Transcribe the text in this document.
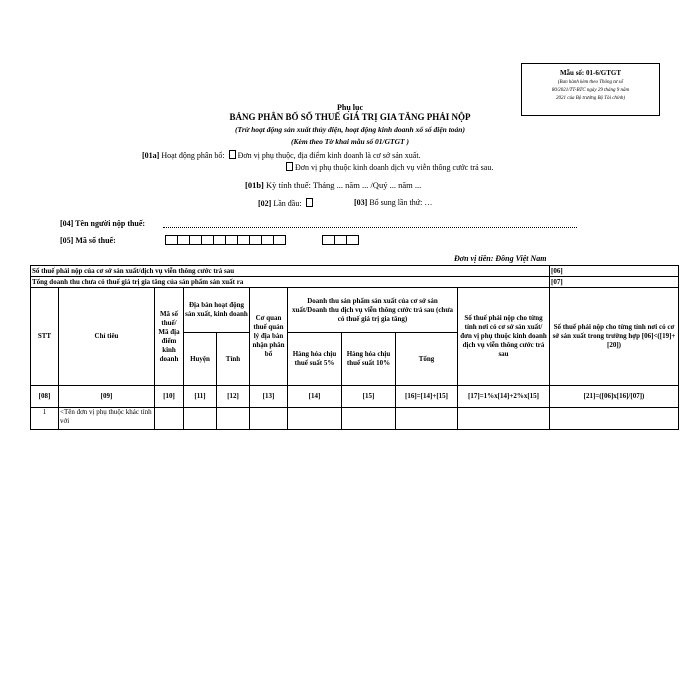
Mẫu số: 01-6/GTGT
(Ban hành kèm theo Thông tư số
80/2021/TT-BTC ngày 29 tháng 9 năm
2021 của Bộ trưởng Bộ Tài chính)
Phụ lục
BẢNG PHÂN BỔ SỐ THUẾ GIÁ TRỊ GIA TĂNG PHẢI NỘP
(Trừ hoạt động sản xuất thủy điện, hoạt động kinh doanh xổ số điện toán)
(Kèm theo Tờ khai mẫu số 01/GTGT )
[01a] Hoạt động phân bổ: Đơn vị phụ thuộc, địa điểm kinh doanh là cơ sở sản xuất.
Đơn vị phụ thuộc kinh doanh dịch vụ viễn thông cước trả sau.
[01b] Kỳ tính thuế: Tháng ... năm ... /Quý ... năm ...
[02] Lần đầu:	[03] Bổ sung lần thứ: …
[04] Tên người nộp thuế:
[05] Mã số thuế:
Đơn vị tiền: Đồng Việt Nam
Số thuế phải nộp của cơ sở sản xuất/dịch vụ viễn thông cước trả sau										[06]
Tổng doanh thu chưa có thuế giá trị gia tăng của sản phẩm sản xuất ra										[07]
STT	Chỉ tiêu	Mã số thuế/ Mã địa điểm kinh doanh	Địa bàn hoạt động sản xuất, kinh doanh		Cơ quan thuế quản lý địa bàn nhận phân bổ	Doanh thu sản phẩm sản xuất của cơ sở sản xuất/Doanh thu dịch vụ viễn thông cước trả sau (chưa có thuế giá trị gia tăng)			Số thuế phải nộp cho từng tỉnh nơi có cơ sở sản xuất/đơn vị phụ thuộc kinh doanh dịch vụ viễn thông cước trả sau	Số thuế phải nộp cho từng tỉnh nơi có cơ sở sản xuất trong trường hợp [06]<([19]+[20])
			Huyện	Tỉnh		Hàng hóa chịu thuế suất 5%	Hàng hóa chịu thuế suất 10%	Tổng		
[08]	[09]	[10]	[11]	[12]	[13]	[14]	[15]	[16]=[14]+[15]	[17]=1%x[14]+2%x[15]	[21]=([06]x[16]/[07])
1	<Tên đơn vị phụ thuộc khác tỉnh với									
